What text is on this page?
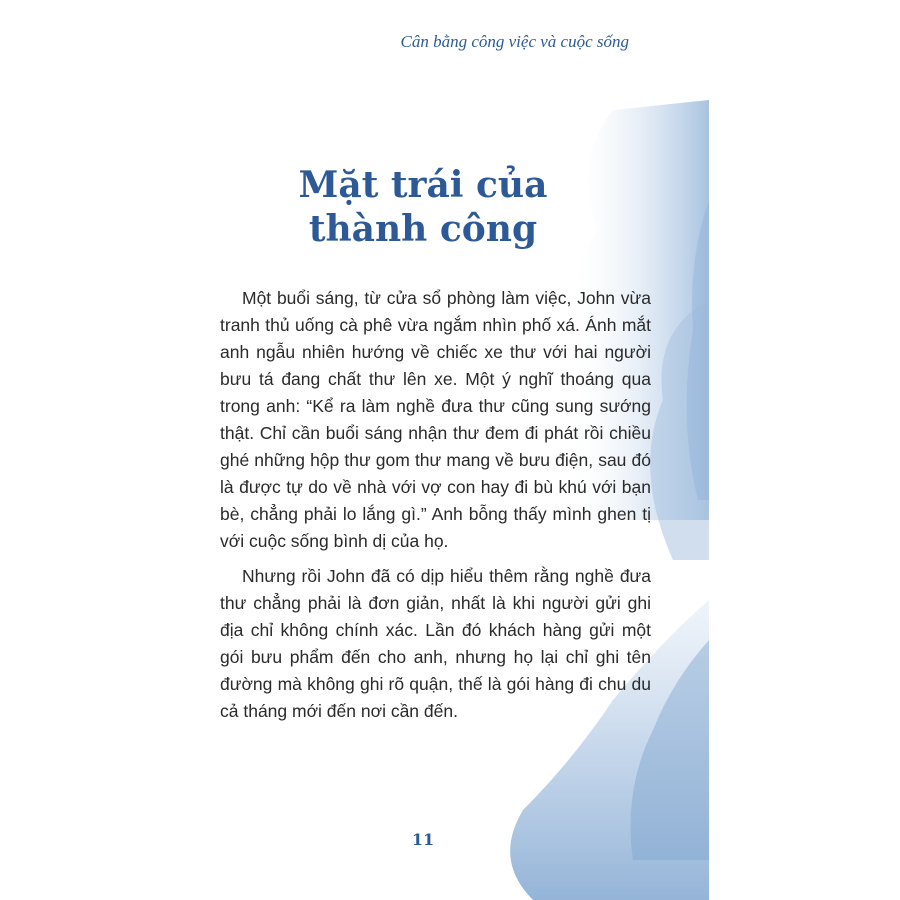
Cân bằng công việc và cuộc sống
Mặt trái của
thành công

Một buổi sáng, từ cửa sổ phòng làm việc, John vừa tranh thủ uống cà phê vừa ngắm nhìn phố xá. Ánh mắt anh ngẫu nhiên hướng về chiếc xe thư với hai người bưu tá đang chất thư lên xe. Một ý nghĩ thoáng qua trong anh: “Kể ra làm nghề đưa thư cũng sung sướng thật. Chỉ cần buổi sáng nhận thư đem đi phát rồi chiều ghé những hộp thư gom thư mang về bưu điện, sau đó là được tự do về nhà với vợ con hay đi bù khú với bạn bè, chẳng phải lo lắng gì.” Anh bỗng thấy mình ghen tị với cuộc sống bình dị của họ.

Nhưng rồi John đã có dịp hiểu thêm rằng nghề đưa thư chẳng phải là đơn giản, nhất là khi người gửi ghi địa chỉ không chính xác. Lần đó khách hàng gửi một gói bưu phẩm đến cho anh, nhưng họ lại chỉ ghi tên đường mà không ghi rõ quận, thế là gói hàng đi chu du cả tháng mới đến nơi cần đến.

11
